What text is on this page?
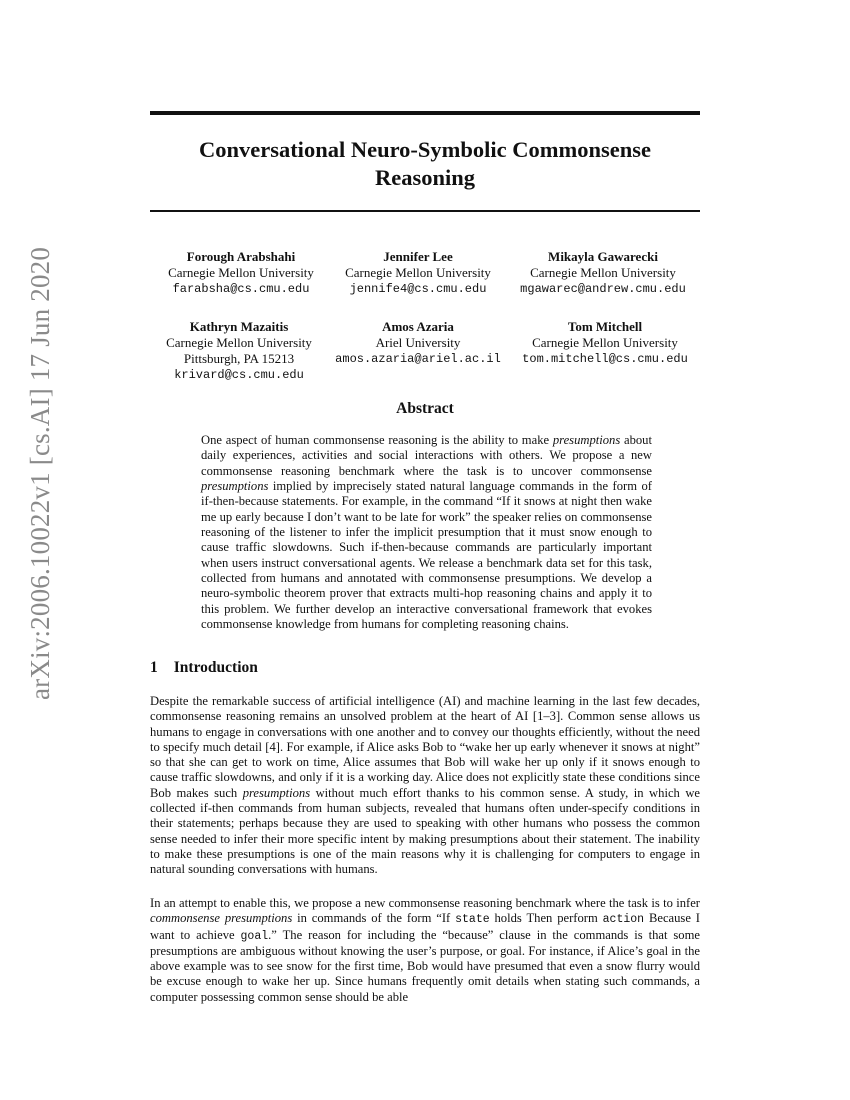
arXiv:2006.10022v1 [cs.AI] 17 Jun 2020
Conversational Neuro-Symbolic Commonsense
Reasoning
Forough Arabshahi
Carnegie Mellon University
farabsha@cs.cmu.edu
Jennifer Lee
Carnegie Mellon University
jennife4@cs.cmu.edu
Mikayla Gawarecki
Carnegie Mellon University
mgawarec@andrew.cmu.edu
Kathryn Mazaitis
Carnegie Mellon University
Pittsburgh, PA 15213
krivard@cs.cmu.edu
Amos Azaria
Ariel University
amos.azaria@ariel.ac.il
Tom Mitchell
Carnegie Mellon University
tom.mitchell@cs.cmu.edu
Abstract
One aspect of human commonsense reasoning is the ability to make presumptions about daily experiences, activities and social interactions with others. We propose a new commonsense reasoning benchmark where the task is to uncover commonsense presumptions implied by imprecisely stated natural language commands in the form of if-then-because statements. For example, in the command “If it snows at night then wake me up early because I don’t want to be late for work” the speaker relies on commonsense reasoning of the listener to infer the implicit presumption that it must snow enough to cause traffic slowdowns. Such if-then-because commands are particularly important when users instruct conversational agents. We release a benchmark data set for this task, collected from humans and annotated with commonsense presumptions. We develop a neuro-symbolic theorem prover that extracts multi-hop reasoning chains and apply it to this problem. We further develop an interactive conversational framework that evokes commonsense knowledge from humans for completing reasoning chains.
1 Introduction
Despite the remarkable success of artificial intelligence (AI) and machine learning in the last few decades, commonsense reasoning remains an unsolved problem at the heart of AI [1–3]. Common sense allows us humans to engage in conversations with one another and to convey our thoughts efficiently, without the need to specify much detail [4]. For example, if Alice asks Bob to “wake her up early whenever it snows at night” so that she can get to work on time, Alice assumes that Bob will wake her up only if it snows enough to cause traffic slowdowns, and only if it is a working day. Alice does not explicitly state these conditions since Bob makes such presumptions without much effort thanks to his common sense. A study, in which we collected if-then commands from human subjects, revealed that humans often under-specify conditions in their statements; perhaps because they are used to speaking with other humans who possess the common sense needed to infer their more specific intent by making presumptions about their statement. The inability to make these presumptions is one of the main reasons why it is challenging for computers to engage in natural sounding conversations with humans.
In an attempt to enable this, we propose a new commonsense reasoning benchmark where the task is to infer commonsense presumptions in commands of the form “If state holds Then perform action Because I want to achieve goal.” The reason for including the “because” clause in the commands is that some presumptions are ambiguous without knowing the user’s purpose, or goal. For instance, if Alice’s goal in the above example was to see snow for the first time, Bob would have presumed that even a snow flurry would be excuse enough to wake her up. Since humans frequently omit details when stating such commands, a computer possessing common sense should be able
